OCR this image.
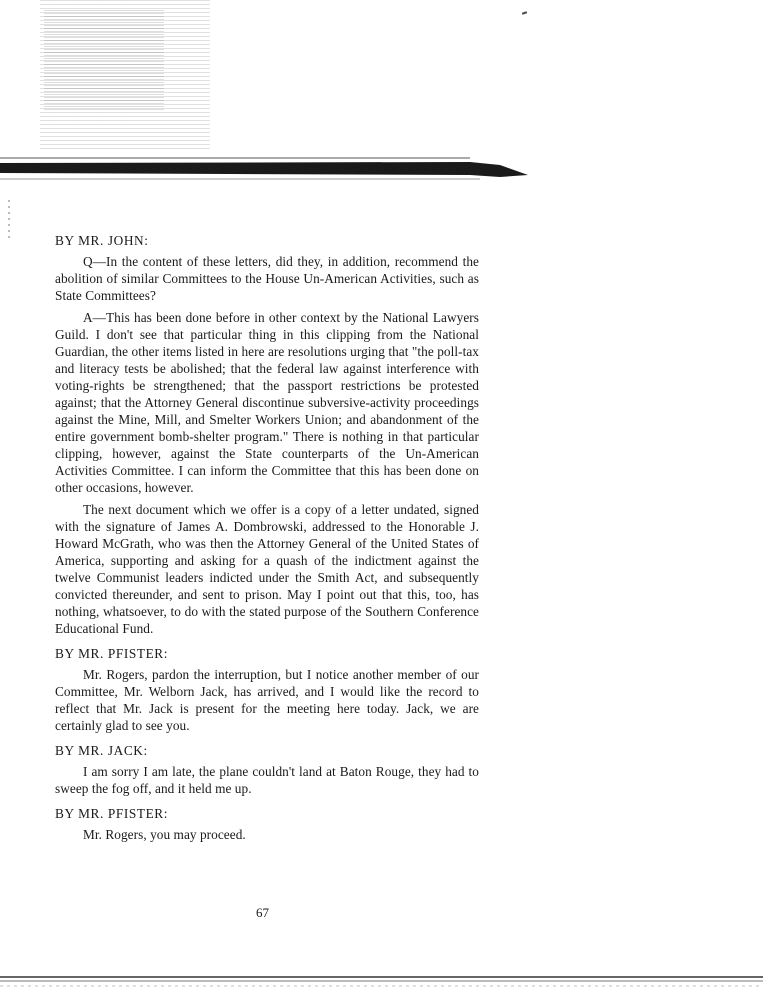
BY MR. JOHN:

Q—In the content of these letters, did they, in addition, recommend the abolition of similar Committees to the House Un-American Activities, such as State Committees?

A—This has been done before in other context by the National Lawyers Guild. I don't see that particular thing in this clipping from the National Guardian, the other items listed in here are resolutions urging that "the poll-tax and literacy tests be abolished; that the federal law against interference with voting-rights be strengthened; that the passport restrictions be protested against; that the Attorney General discontinue subversive-activity proceedings against the Mine, Mill, and Smelter Workers Union; and abandonment of the entire government bomb-shelter program." There is nothing in that particular clipping, however, against the State counterparts of the Un-American Activities Committee. I can inform the Committee that this has been done on other occasions, however.

The next document which we offer is a copy of a letter undated, signed with the signature of James A. Dombrowski, addressed to the Honorable J. Howard McGrath, who was then the Attorney General of the United States of America, supporting and asking for a quash of the indictment against the twelve Communist leaders indicted under the Smith Act, and subsequently convicted thereunder, and sent to prison. May I point out that this, too, has nothing, whatsoever, to do with the stated purpose of the Southern Conference Educational Fund.

BY MR. PFISTER:

Mr. Rogers, pardon the interruption, but I notice another member of our Committee, Mr. Welborn Jack, has arrived, and I would like the record to reflect that Mr. Jack is present for the meeting here today. Jack, we are certainly glad to see you.

BY MR. JACK:

I am sorry I am late, the plane couldn't land at Baton Rouge, they had to sweep the fog off, and it held me up.

BY MR. PFISTER:

Mr. Rogers, you may proceed.

67
